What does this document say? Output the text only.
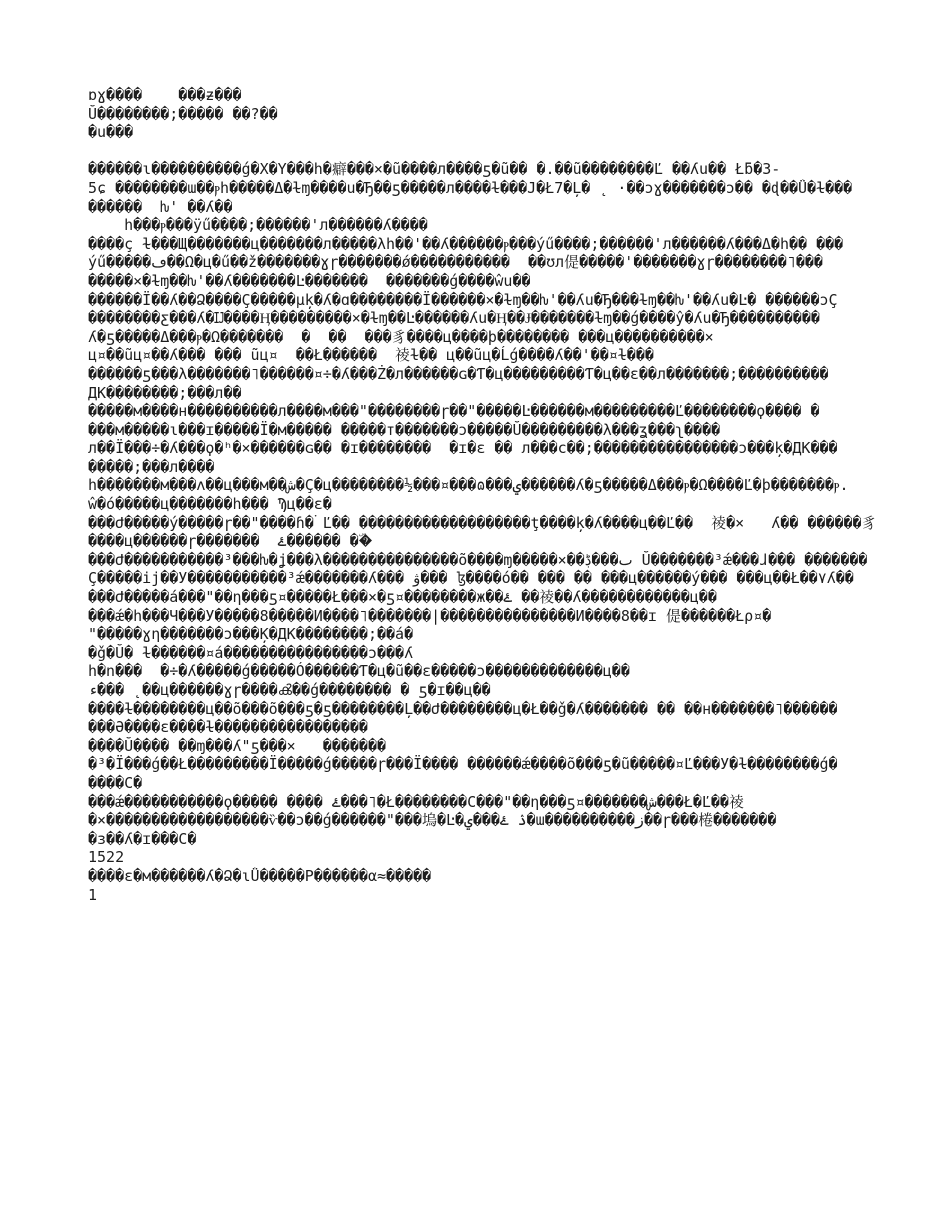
ɒɣ����    ���ƶ���
Ŭ��������;����� ��?��
�u���
������ɩ����������ǵ�X�Y���h�癖���×�ũ����л����ƽ�ũ�� �.��ũ��������Ľ ��ʎu�� Łƃ�3-
5ɕ ��������ɯ��ⲣh�����Δ�ɫɱ����u�Ђ��ƽ�����л����ɫ���J�Ł7�Ļ� ˛ ·��ɔɣ�������ɔ�� �ɖ��Ǜ�ɫ���
������  ƕ' ��ʎ��
h���ⲣ���ÿű����;������'л������ʎ����
����ç ɫ���Щ�������ц�������л�����λh��'��ʎ������ⲣ���ýű����;������'л������ʎ���Δ�h�� ���
ýű�����ڡ��Ω�ц�ű��ž�������ɣɼ�������ǿ�����������  ��ʊл偍�����'�������ɣɼ��������˥���
�����×�ɫɱ��ƕ'��ʎ�������Ŀ�������  �������ǵ����ŵu��
������Ï��ʎ��Ձ����Ç�����µķ�ʎ�ɑ��������Ï������×�ɫɱ��ƕ'��ʎu�Ђ���ɫɱ��ƕ'��ʎu�Ŀ� ������ɔÇ
��������ƹ���ʎ�Ĳ����Ӊ���������×�ɫɱ��Ŀ������ʎu�Ӊ��Ɉ�������ɫɱ��ǵ����ŷ�ʎu�Ђ����������
ʎ�ƽ�����Δ���ⲣ�Ω�������  �  ��  ���豸����ц����þ�������� ���ц����������×
ц¤��ũц¤��ʎ��� ��� ũц¤  ��Ł������  祾ɫ�� ц��ũц�Ĺǵ����ʎ��'��¤ɫ���
������ƽ���λ�������˥������¤÷�ʎ���Ż�л������ɢ�Ƭ�ц���������Ƭ�ц��ɛ��л�������;����������
ДК��������;���л��
�����м����н����������л����м���"��������ɼ��"�����Ŀ������м���������Ľ��������ϙ���� �
���м�����ɩ���ɪ�����Ï�м����� �����т�������ɔ�����Ŭ���������λ���ʓ���ʅ����
л��Ï���÷�ʎ���ϙ�ʰ�×������ɢ�� �ɪ��������  �ɪ�ɛ �� л���c��;����������������ɔ���ķ�ДК���
�����;���л����
h�������м���ʌ��ц���м��ش�Ç�ц��������½���¤���ɷ���ۑ������ʎ�ƽ�����Δ���ⲣ�Ω����Ľ�þ�������ⲣ.
ŵ�ó�����ц�������h��� Ϡц��ɛ�
���Ժ�����ý�����ɼ��"����ɦ�۬ Ľ�� �������������������ţ����ķ�ʎ����ц��Ľ��  祾�×   ʎ�� ������豸
����ц������ɼ�������  ۓ������ ��ۜ
���Ժ�����������³���ƕ�ʝ���λ���������������õ����ɱ�����×��ٮ���ڋ Ŭ�������³ǽ���ɺ��� �������
Ç�����ij��У�����������³ǽ�������ʎ��� ۋ��� ɮ����ó�� ��� �� ���ц������ý��� ���ц��Ł��۷ʎ��
���Ժ�����á���"��η���ƽ¤�����Ł���×�ƽ¤��������ж��ۓ ��祾��ʎ������������ц��
���ǽ�h���Ч���У�����8�����И����˥�������|���������������И����8��ɪ 偍������Łρ¤�
"�����ɣη�������ɔ���Ķ�ДК��������;��á�
�ǧ�Ŭ� ɫ������¤á����������������ɔ���ʎ
h�ո���  �÷�ʎ�����ǵ�����Ó������Ƭ�ц�ũ��ɛ�����ɔ�������������ц��
ء��� ˛��ц������ɣɼ����ൿ��ǵ�������� � ƽ�ɪ��ц��
����ɫ��������ц��õ���õ���ƽ�ƽ��������Ļ��Ժ��������ц�Ł��ǧ�ʎ������� �� ��н�������˥������
���Ә����ɛ����ɫ�����������������
����Ŭ���� ��ɱ���ʎ"ƽ���×   �������
�³�Ï���ǵ��Ł���������Ï�����ǵ�����ɼ���Ï���� ������ǽ����õ���ƽ�ũ�����¤Ľ���У�ɫ��������ǵ�
����С�
���ǽ�����������ϙ����� ���� ۓ���˥�Ł��������С���"��η���ƽ¤�������ش���Ł�Ľ��祾
�×������������������ѷ��ɔ��ǵ������"���塢�Ŀ�ۮ ۓ���ۑ�ɯ����������ز��ɼ���棬�������
�ɜ��ʎ�ɪ���С�
1522
����ɛ�м������ʎ�Ձ�ɩǗ�����Ρ������α≈�����
1
